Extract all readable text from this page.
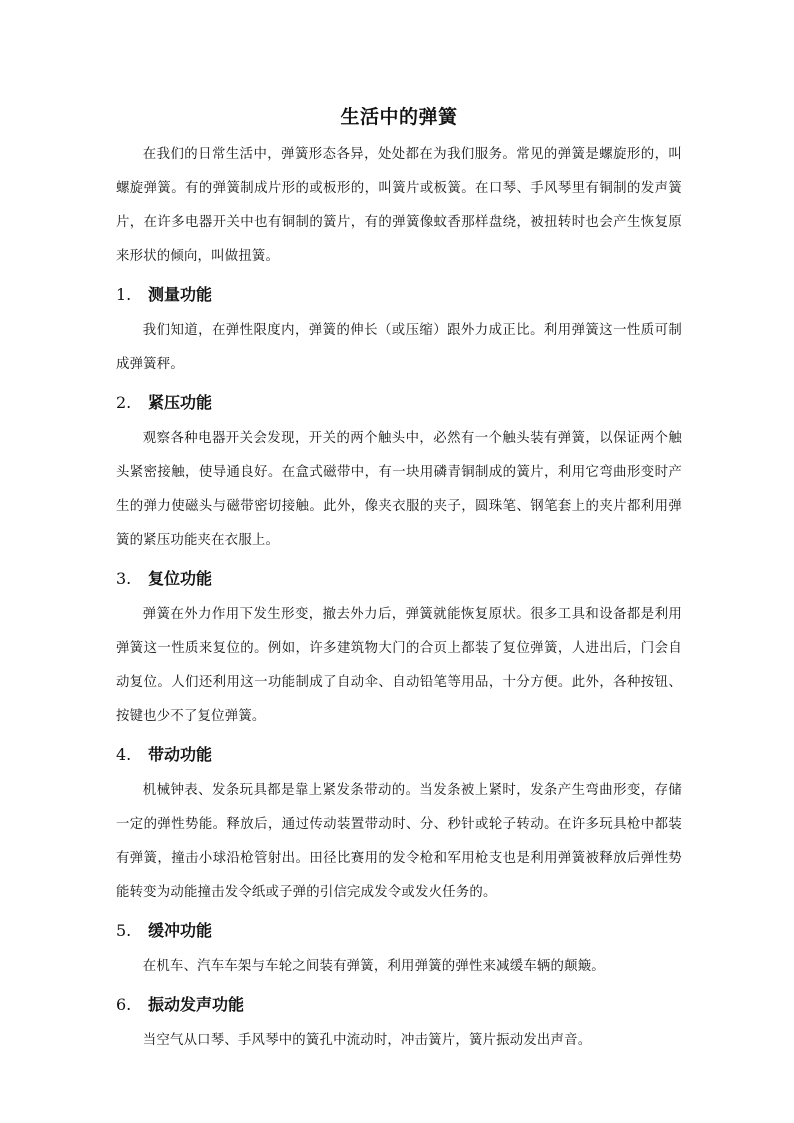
生活中的弹簧

在我们的日常生活中，弹簧形态各异，处处都在为我们服务。常见的弹簧是螺旋形的，叫螺旋弹簧。有的弹簧制成片形的或板形的，叫簧片或板簧。在口琴、手风琴里有铜制的发声簧片，在许多电器开关中也有铜制的簧片，有的弹簧像蚊香那样盘绕，被扭转时也会产生恢复原来形状的倾向，叫做扭簧。

1.	测量功能

我们知道，在弹性限度内，弹簧的伸长（或压缩）跟外力成正比。利用弹簧这一性质可制成弹簧秤。

2.	紧压功能

观察各种电器开关会发现，开关的两个触头中，必然有一个触头装有弹簧，以保证两个触头紧密接触，使导通良好。在盒式磁带中，有一块用磷青铜制成的簧片，利用它弯曲形变时产生的弹力使磁头与磁带密切接触。此外，像夹衣服的夹子，圆珠笔、钢笔套上的夹片都利用弹簧的紧压功能夹在衣服上。

3.	复位功能

弹簧在外力作用下发生形变，撤去外力后，弹簧就能恢复原状。很多工具和设备都是利用弹簧这一性质来复位的。例如，许多建筑物大门的合页上都装了复位弹簧，人进出后，门会自动复位。人们还利用这一功能制成了自动伞、自动铅笔等用品，十分方便。此外，各种按钮、按键也少不了复位弹簧。

4.	带动功能

机械钟表、发条玩具都是靠上紧发条带动的。当发条被上紧时，发条产生弯曲形变，存储一定的弹性势能。释放后，通过传动装置带动时、分、秒针或轮子转动。在许多玩具枪中都装有弹簧，撞击小球沿枪管射出。田径比赛用的发令枪和军用枪支也是利用弹簧被释放后弹性势能转变为动能撞击发令纸或子弹的引信完成发令或发火任务的。

5.	缓冲功能

在机车、汽车车架与车轮之间装有弹簧，利用弹簧的弹性来减缓车辆的颠簸。

6.	振动发声功能

当空气从口琴、手风琴中的簧孔中流动时，冲击簧片，簧片振动发出声音。
